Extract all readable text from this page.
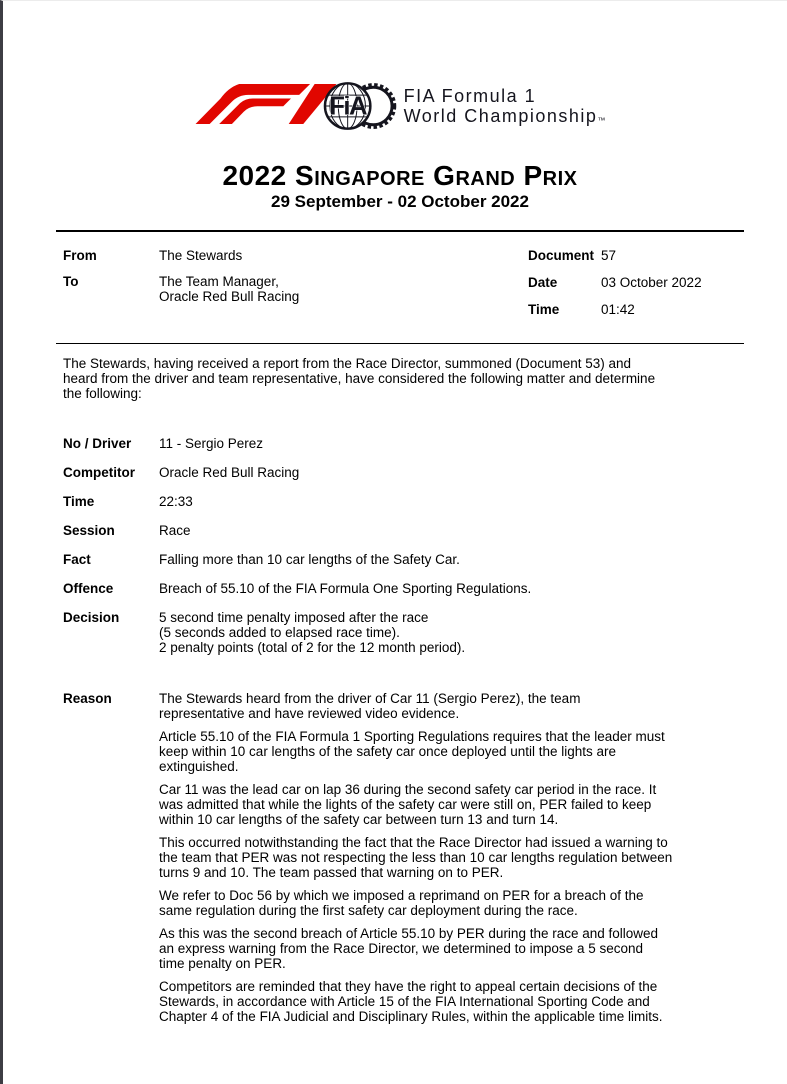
FiA FIA Formula 1
World Championship™
2022 Singapore Grand Prix
29 September - 02 October 2022
From	The Stewards
To	The Team Manager,
Oracle Red Bull Racing
Document 57
Date	03 October 2022
Time	01:42
The Stewards, having received a report from the Race Director, summoned (Document 53) and
heard from the driver and team representative, have considered the following matter and determine
the following:
No / Driver	11 - Sergio Perez
Competitor	Oracle Red Bull Racing
Time	22:33
Session	Race
Fact	Falling more than 10 car lengths of the Safety Car.
Offence	Breach of 55.10 of the FIA Formula One Sporting Regulations.
Decision	5 second time penalty imposed after the race
(5 seconds added to elapsed race time).
2 penalty points (total of 2 for the 12 month period).
Reason	The Stewards heard from the driver of Car 11 (Sergio Perez), the team
representative and have reviewed video evidence.

Article 55.10 of the FIA Formula 1 Sporting Regulations requires that the leader must
keep within 10 car lengths of the safety car once deployed until the lights are
extinguished.

Car 11 was the lead car on lap 36 during the second safety car period in the race. It
was admitted that while the lights of the safety car were still on, PER failed to keep
within 10 car lengths of the safety car between turn 13 and turn 14.

This occurred notwithstanding the fact that the Race Director had issued a warning to
the team that PER was not respecting the less than 10 car lengths regulation between
turns 9 and 10. The team passed that warning on to PER.

We refer to Doc 56 by which we imposed a reprimand on PER for a breach of the
same regulation during the first safety car deployment during the race.

As this was the second breach of Article 55.10 by PER during the race and followed
an express warning from the Race Director, we determined to impose a 5 second
time penalty on PER.

Competitors are reminded that they have the right to appeal certain decisions of the
Stewards, in accordance with Article 15 of the FIA International Sporting Code and
Chapter 4 of the FIA Judicial and Disciplinary Rules, within the applicable time limits.
